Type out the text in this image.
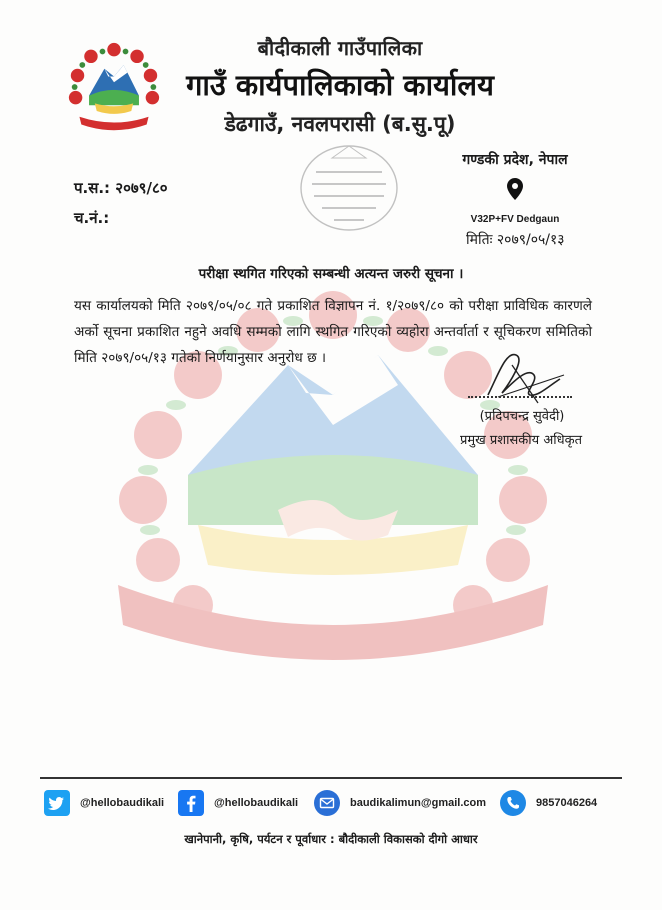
बौदीकाली गाउँपालिका
गाउँ कार्यपालिकाको कार्यालय
डेढगाउँ, नवलपरासी (ब.सु.पू)
प.स.: २०७९/८०
च.नं.:
गण्डकी प्रदेश, नेपाल
V32P+FV Dedgaun
मितिः २०७९/०५/१३
परीक्षा स्थगित गरिएको सम्बन्धी अत्यन्त जरुरी सूचना ।
यस कार्यालयको मिति २०७९/०५/०८ गते प्रकाशित विज्ञापन नं. १/२०७९/८० को परीक्षा प्राविधिक कारणले अर्को सूचना प्रकाशित नहुने अवधि सम्मको लागि स्थगित गरिएको व्यहोरा अन्तर्वार्ता र सूचिकरण समितिको मिति २०७९/०५/१३ गतेको निर्णयानुसार अनुरोध छ ।
(प्रदिपचन्द्र सुवेदी)
प्रमुख प्रशासकीय अधिकृत
@hellobaudikali	@hellobaudikali	baudikalimun@gmail.com	9857046264
खानेपानी, कृषि, पर्यटन र पूर्वाधार : बौदीकाली विकासको दीगो आधार
